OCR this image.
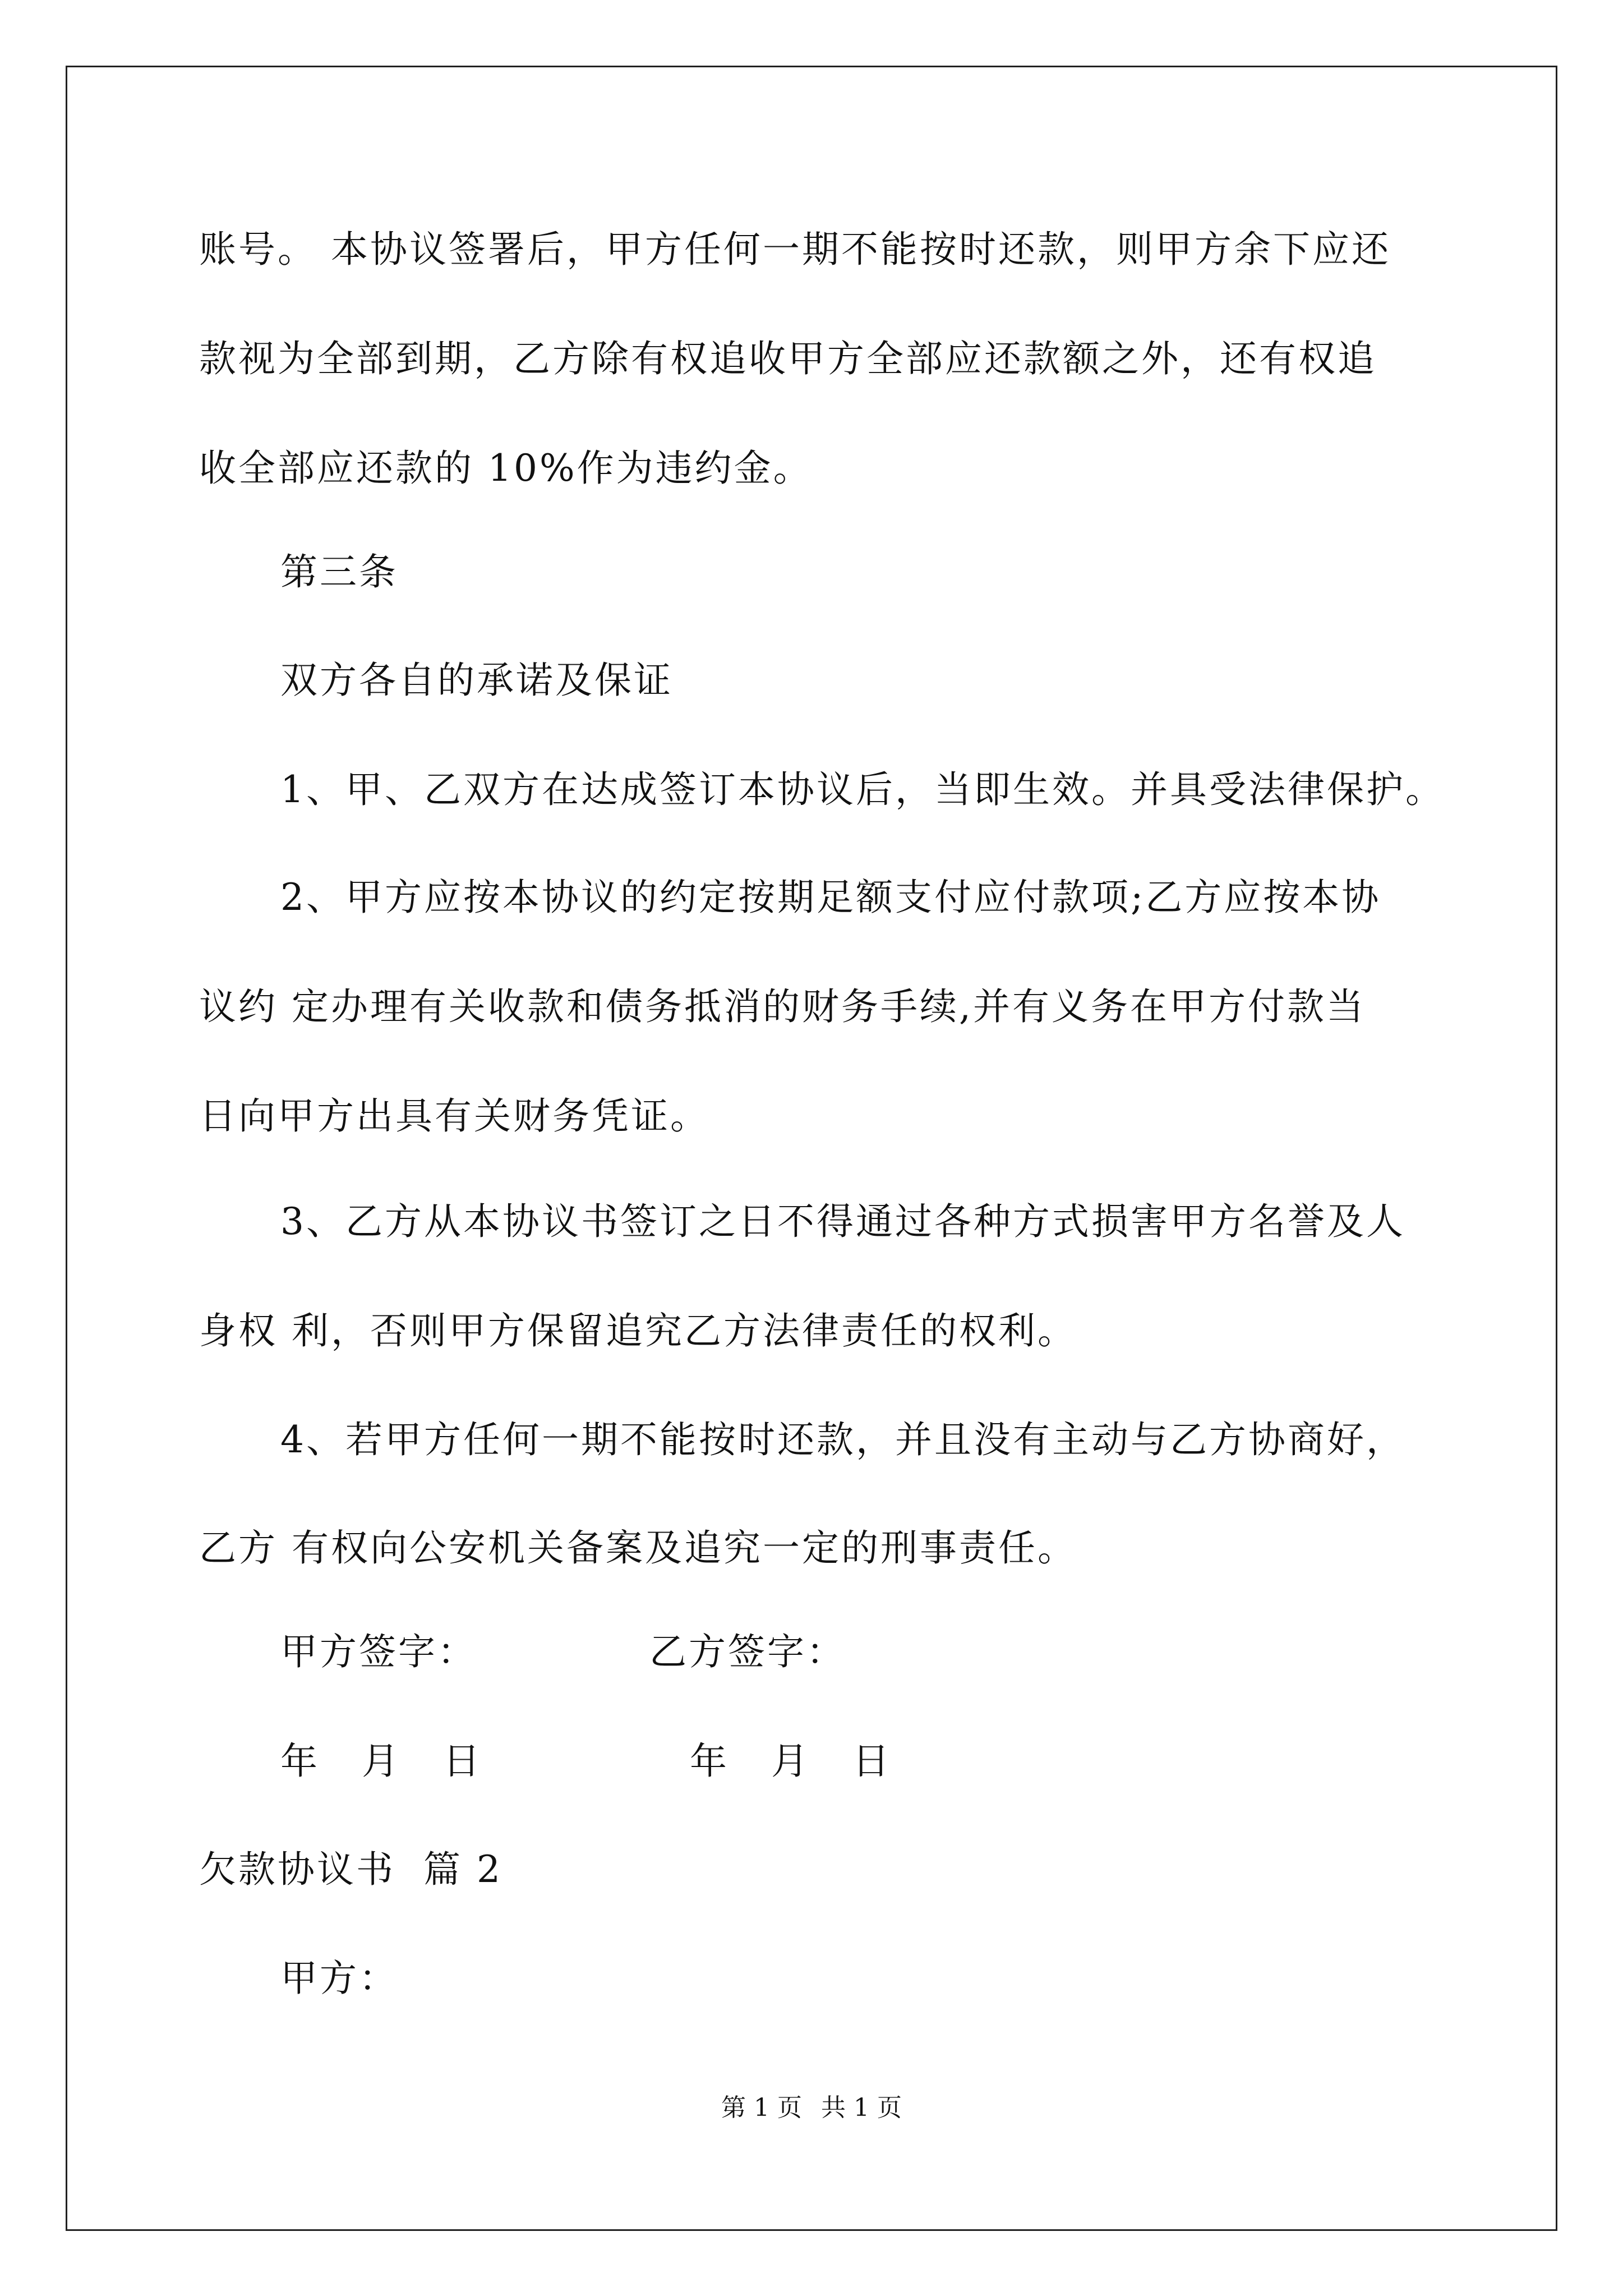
账号。 本协议签署后，甲方任何一期不能按时还款，则甲方余下应还
款视为全部到期，乙方除有权追收甲方全部应还款额之外，还有权追
收全部应还款的 10%作为违约金。
第三条
双方各自的承诺及保证
1、甲、乙双方在达成签订本协议后，当即生效。并具受法律保护。
2、甲方应按本协议的约定按期足额支付应付款项;乙方应按本协
议约 定办理有关收款和债务抵消的财务手续,并有义务在甲方付款当
日向甲方出具有关财务凭证。
3、乙方从本协议书签订之日不得通过各种方式损害甲方名誉及人
身权 利，否则甲方保留追究乙方法律责任的权利。
4、若甲方任何一期不能按时还款，并且没有主动与乙方协商好，
乙方 有权向公安机关备案及追究一定的刑事责任。
甲方签字：	乙方签字：
年   月   日	年   月   日
欠款协议书  篇 2
甲方：
第 1 页 共 1 页
